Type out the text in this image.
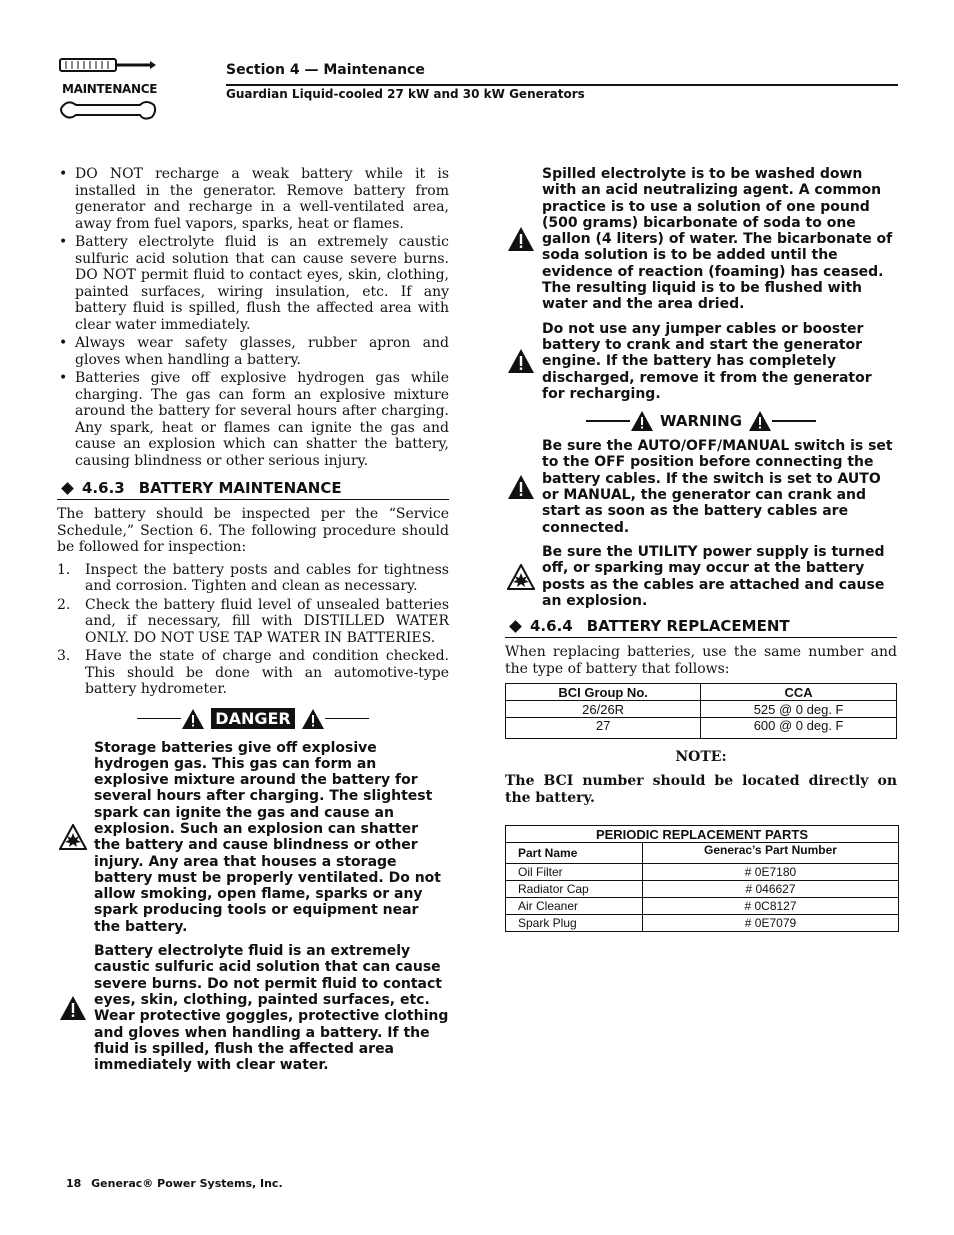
MAINTENANCE
Section 4 — Maintenance
Guardian Liquid-cooled 27 kW and 30 kW Generators
• DO NOT recharge a weak battery while it is installed in the generator. Remove battery from generator and recharge in a well-ventilated area, away from fuel vapors, sparks, heat or flames.
• Battery electrolyte fluid is an extremely caustic sulfuric acid solution that can cause severe burns. DO NOT permit fluid to contact eyes, skin, clothing, painted surfaces, wiring insulation, etc. If any battery fluid is spilled, flush the affected area with clear water immediately.
• Always wear safety glasses, rubber apron and gloves when handling a battery.
• Batteries give off explosive hydrogen gas while charging. The gas can form an explosive mixture around the battery for several hours after charging. Any spark, heat or flames can ignite the gas and cause an explosion which can shatter the battery, causing blindness or other serious injury.
4.6.3 BATTERY MAINTENANCE
The battery should be inspected per the “Service Schedule,” Section 6. The following procedure should be followed for inspection:
1. Inspect the battery posts and cables for tightness and corrosion. Tighten and clean as necessary.
2. Check the battery fluid level of unsealed batteries and, if necessary, fill with DISTILLED WATER ONLY. DO NOT USE TAP WATER IN BATTERIES.
3. Have the state of charge and condition checked. This should be done with an automotive-type battery hydrometer.
DANGER
Storage batteries give off explosive hydrogen gas. This gas can form an explosive mixture around the battery for several hours after charging. The slightest spark can ignite the gas and cause an explosion. Such an explosion can shatter the battery and cause blindness or other injury. Any area that houses a storage battery must be properly ventilated. Do not allow smoking, open flame, sparks or any spark producing tools or equipment near the battery.
Battery electrolyte fluid is an extremely caustic sulfuric acid solution that can cause severe burns. Do not permit fluid to contact eyes, skin, clothing, painted surfaces, etc. Wear protective goggles, protective clothing and gloves when handling a battery. If the fluid is spilled, flush the affected area immediately with clear water.
Spilled electrolyte is to be washed down with an acid neutralizing agent. A common practice is to use a solution of one pound (500 grams) bicarbonate of soda to one gallon (4 liters) of water. The bicarbonate of soda solution is to be added until the evidence of reaction (foaming) has ceased. The resulting liquid is to be flushed with water and the area dried.
Do not use any jumper cables or booster battery to crank and start the generator engine. If the battery has completely discharged, remove it from the generator for recharging.
WARNING
Be sure the AUTO/OFF/MANUAL switch is set to the OFF position before connecting the battery cables. If the switch is set to AUTO or MANUAL, the generator can crank and start as soon as the battery cables are connected.
Be sure the UTILITY power supply is turned off, or sparking may occur at the battery posts as the cables are attached and cause an explosion.
4.6.4 BATTERY REPLACEMENT
When replacing batteries, use the same number and the type of battery that follows:
BCI Group No.	CCA
26/26R	525 @ 0 deg. F
27	600 @ 0 deg. F
NOTE:
The BCI number should be located directly on the battery.
PERIODIC REPLACEMENT PARTS	
Part Name	Generac’s Part Number
Oil Filter	# 0E7180
Radiator Cap	# 046627
Air Cleaner	# 0C8127
Spark Plug	# 0E7079
18 Generac® Power Systems, Inc.
